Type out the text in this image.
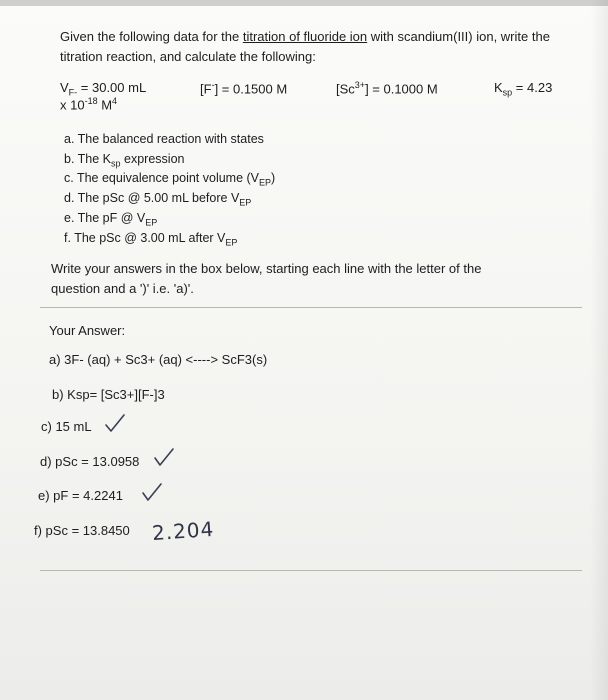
Given the following data for the titration of fluoride ion with scandium(III) ion, write the titration reaction, and calculate the following:
$V_{F-} = 30.00$ mL	[F-] = 0.1500 M	$[Sc^{3+}] = 0.1000$ M	$K_{sp} = 4.23$
x $10^{-18}$ $M^4$
a. The balanced reaction with states
b. The $K_{sp}$ expression
c. The equivalence point volume $(V_{EP})$
d. The pSc @ 5.00 mL before $V_{EP}$
e. The pF @ $V_{EP}$
f. The pSc @ 3.00 mL after $V_{EP}$
Write your answers in the box below, starting each line with the letter of the question and a ')' i.e. 'a)'.
Your Answer:
a) 3F- (aq) + Sc3+ (aq) <----> ScF3(s)
b) Ksp= [Sc3+][F-]3
c) 15 mL
d) pSc = 13.0958
e) pF = 4.2241
f) pSc = 13.8450 2.204
